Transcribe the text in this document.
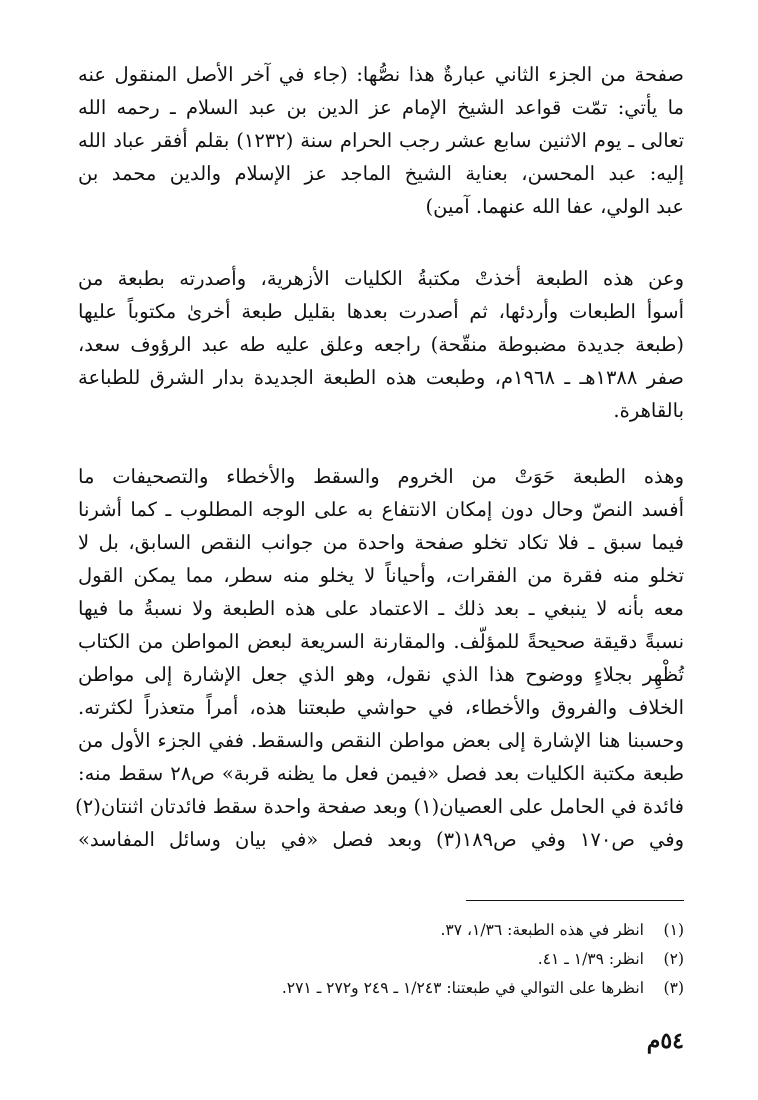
صفحة من الجزء الثاني عبارةٌ هذا نصُّها: (جاء في آخر الأصل المنقول عنه
ما يأتي: تمّت قواعد الشيخ الإمام عز الدين بن عبد السلام ـ رحمه الله
تعالى ـ يوم الاثنين سابع عشر رجب الحرام سنة (١٢٣٢) بقلم أفقر عباد الله
إليه: عبد المحسن، بعناية الشيخ الماجد عز الإسلام والدين محمد بن
عبد الولي، عفا الله عنهما. آمين)
وعن هذه الطبعة أخذتْ مكتبةُ الكليات الأزهرية، وأصدرته بطبعة من
أسوأ الطبعات وأردئها، ثم أصدرت بعدها بقليل طبعة أخرىٰ مكتوباً عليها
(طبعة جديدة مضبوطة منقّحة) راجعه وعلق عليه طه عبد الرؤوف سعد،
صفر ١٣٨٨هـ ـ ١٩٦٨م، وطبعت هذه الطبعة الجديدة بدار الشرق للطباعة
بالقاهرة.
وهذه الطبعة حَوَتْ من الخروم والسقط والأخطاء والتصحيفات ما
أفسد النصّ وحال دون إمكان الانتفاع به على الوجه المطلوب ـ كما أشرنا
فيما سبق ـ فلا تكاد تخلو صفحة واحدة من جوانب النقص السابق، بل لا
تخلو منه فقرة من الفقرات، وأحياناً لا يخلو منه سطر، مما يمكن القول
معه بأنه لا ينبغي ـ بعد ذلك ـ الاعتماد على هذه الطبعة ولا نسبةُ ما فيها
نسبةً دقيقة صحيحةً للمؤلّف. والمقارنة السريعة لبعض المواطن من الكتاب
تُظْهِر بجلاءٍ ووضوح هذا الذي نقول، وهو الذي جعل الإشارة إلى مواطن
الخلاف والفروق والأخطاء، في حواشي طبعتنا هذه، أمراً متعذراً لكثرته.
وحسبنا هنا الإشارة إلى بعض مواطن النقص والسقط. ففي الجزء الأول من
طبعة مكتبة الكليات بعد فصل «فيمن فعل ما يظنه قربة» ص٢٨ سقط منه:
فائدة في الحامل على العصيان(١) وبعد صفحة واحدة سقط فائدتان اثنتان(٢)
وفي ص١٧٠ وفي ص١٨٩(٣) وبعد فصل «في بيان وسائل المفاسد»
(١)انظر في هذه الطبعة: ١/٣٦، ٣٧.
(٢)انظر: ١/٣٩ ـ ٤١.
(٣)انظرها على التوالي في طبعتنا: ١/٢٤٣ ـ ٢٤٩ و٢٧٢ ـ ٢٧١.
٥٤م
